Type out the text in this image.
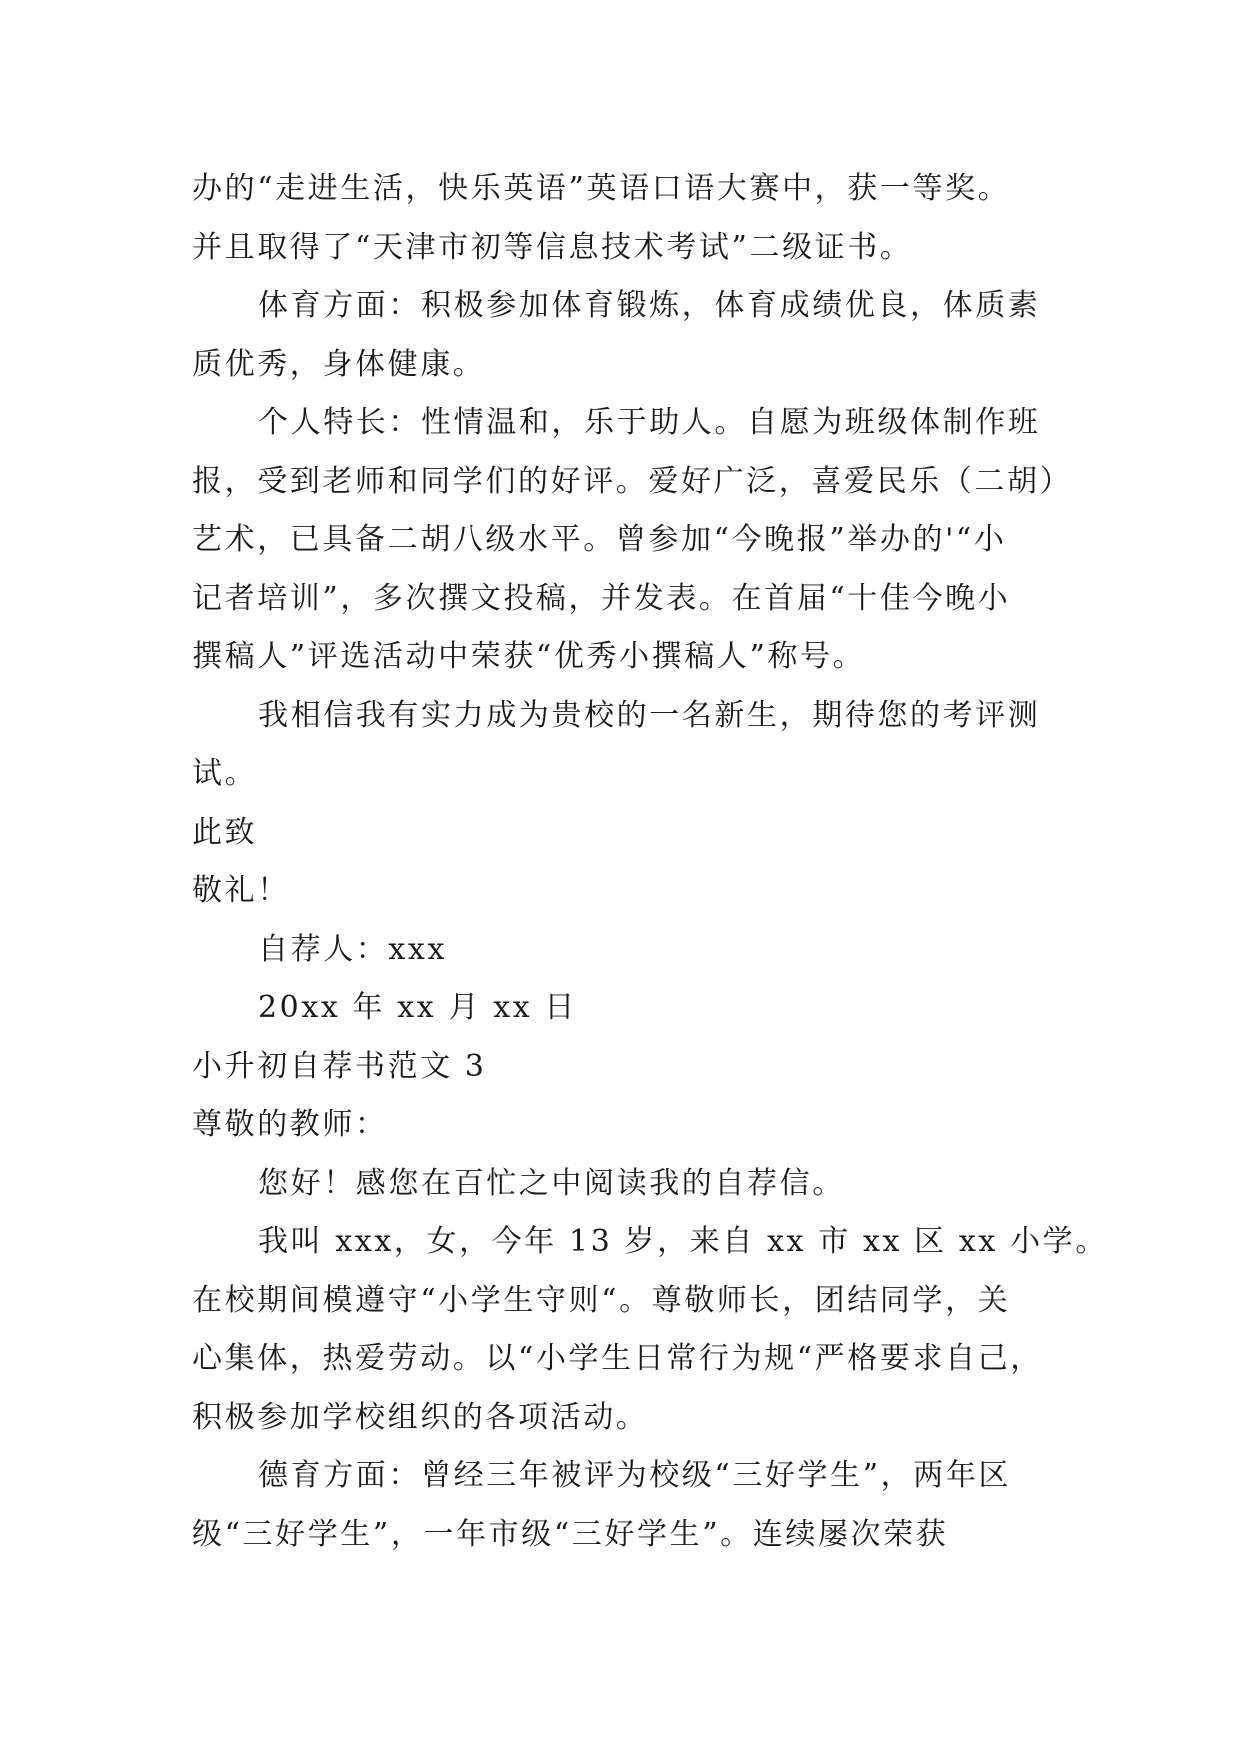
办的“走进生活，快乐英语”英语口语大赛中，获一等奖。
并且取得了“天津市初等信息技术考试”二级证书。
体育方面：积极参加体育锻炼，体育成绩优良，体质素
质优秀，身体健康。
个人特长：性情温和，乐于助人。自愿为班级体制作班
报，受到老师和同学们的好评。爱好广泛，喜爱民乐（二胡）
艺术，已具备二胡八级水平。曾参加“今晚报”举办的'“小
记者培训”，多次撰文投稿，并发表。在首届“十佳今晚小
撰稿人”评选活动中荣获“优秀小撰稿人”称号。
我相信我有实力成为贵校的一名新生，期待您的考评测
试。
此致
敬礼！
自荐人：xxx
20xx 年 xx 月 xx 日
小升初自荐书范文 3
尊敬的教师：
您好！感您在百忙之中阅读我的自荐信。
我叫 xxx，女，今年 13 岁，来自 xx 市 xx 区 xx 小学。
在校期间模遵守“小学生守则“。尊敬师长，团结同学，关
心集体，热爱劳动。以“小学生日常行为规“严格要求自己，
积极参加学校组织的各项活动。
德育方面：曾经三年被评为校级“三好学生”，两年区
级“三好学生”，一年市级“三好学生”。连续屡次荣获
